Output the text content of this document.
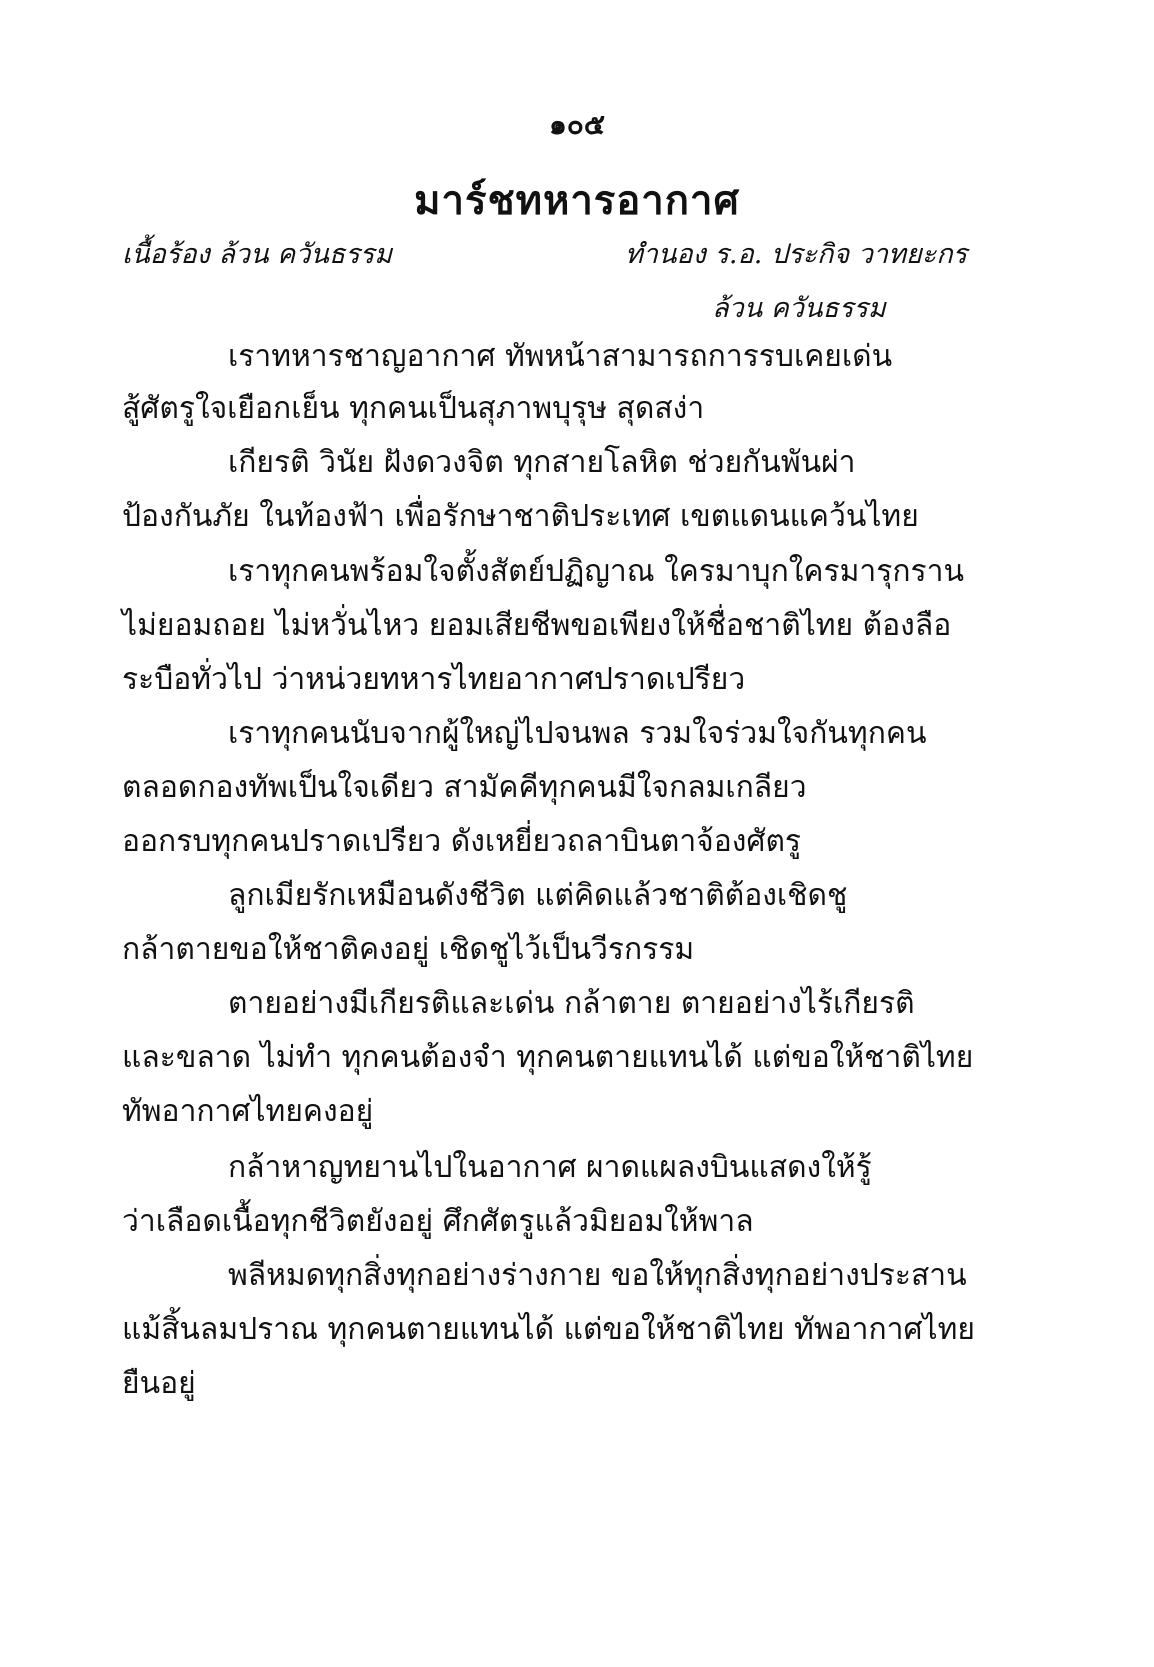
๑๐๕
มาร์ชทหารอากาศ
เนื้อร้อง ล้วน ควันธรรม	ทำนอง ร.อ. ประกิจ วาทยะกร
ล้วน ควันธรรม
เราทหารชาญอากาศ ทัพหน้าสามารถการรบเคยเด่น
สู้ศัตรูใจเยือกเย็น ทุกคนเป็นสุภาพบุรุษ สุดสง่า
เกียรติ วินัย ฝังดวงจิต ทุกสายโลหิต ช่วยกันพันผ่า
ป้องกันภัย ในท้องฟ้า เพื่อรักษาชาติประเทศ เขตแดนแคว้นไทย
เราทุกคนพร้อมใจตั้งสัตย์ปฏิญาณ ใครมาบุกใครมารุกราน
ไม่ยอมถอย ไม่หวั่นไหว ยอมเสียชีพขอเพียงให้ชื่อชาติไทย ต้องลือ
ระบือทั่วไป ว่าหน่วยทหารไทยอากาศปราดเปรียว
เราทุกคนนับจากผู้ใหญ่ไปจนพล รวมใจร่วมใจกันทุกคน
ตลอดกองทัพเป็นใจเดียว สามัคคีทุกคนมีใจกลมเกลียว
ออกรบทุกคนปราดเปรียว ดังเหยี่ยวถลาบินตาจ้องศัตรู
ลูกเมียรักเหมือนดังชีวิต แต่คิดแล้วชาติต้องเชิดชู
กล้าตายขอให้ชาติคงอยู่ เชิดชูไว้เป็นวีรกรรม
ตายอย่างมีเกียรติและเด่น กล้าตาย ตายอย่างไร้เกียรติ
และขลาด ไม่ทำ ทุกคนต้องจำ ทุกคนตายแทนได้ แต่ขอให้ชาติไทย
ทัพอากาศไทยคงอยู่
กล้าหาญทยานไปในอากาศ ผาดแผลงบินแสดงให้รู้
ว่าเลือดเนื้อทุกชีวิตยังอยู่ ศึกศัตรูแล้วมิยอมให้พาล
พลีหมดทุกสิ่งทุกอย่างร่างกาย ขอให้ทุกสิ่งทุกอย่างประสาน
แม้สิ้นลมปราณ ทุกคนตายแทนได้ แต่ขอให้ชาติไทย ทัพอากาศไทย
ยืนอยู่
